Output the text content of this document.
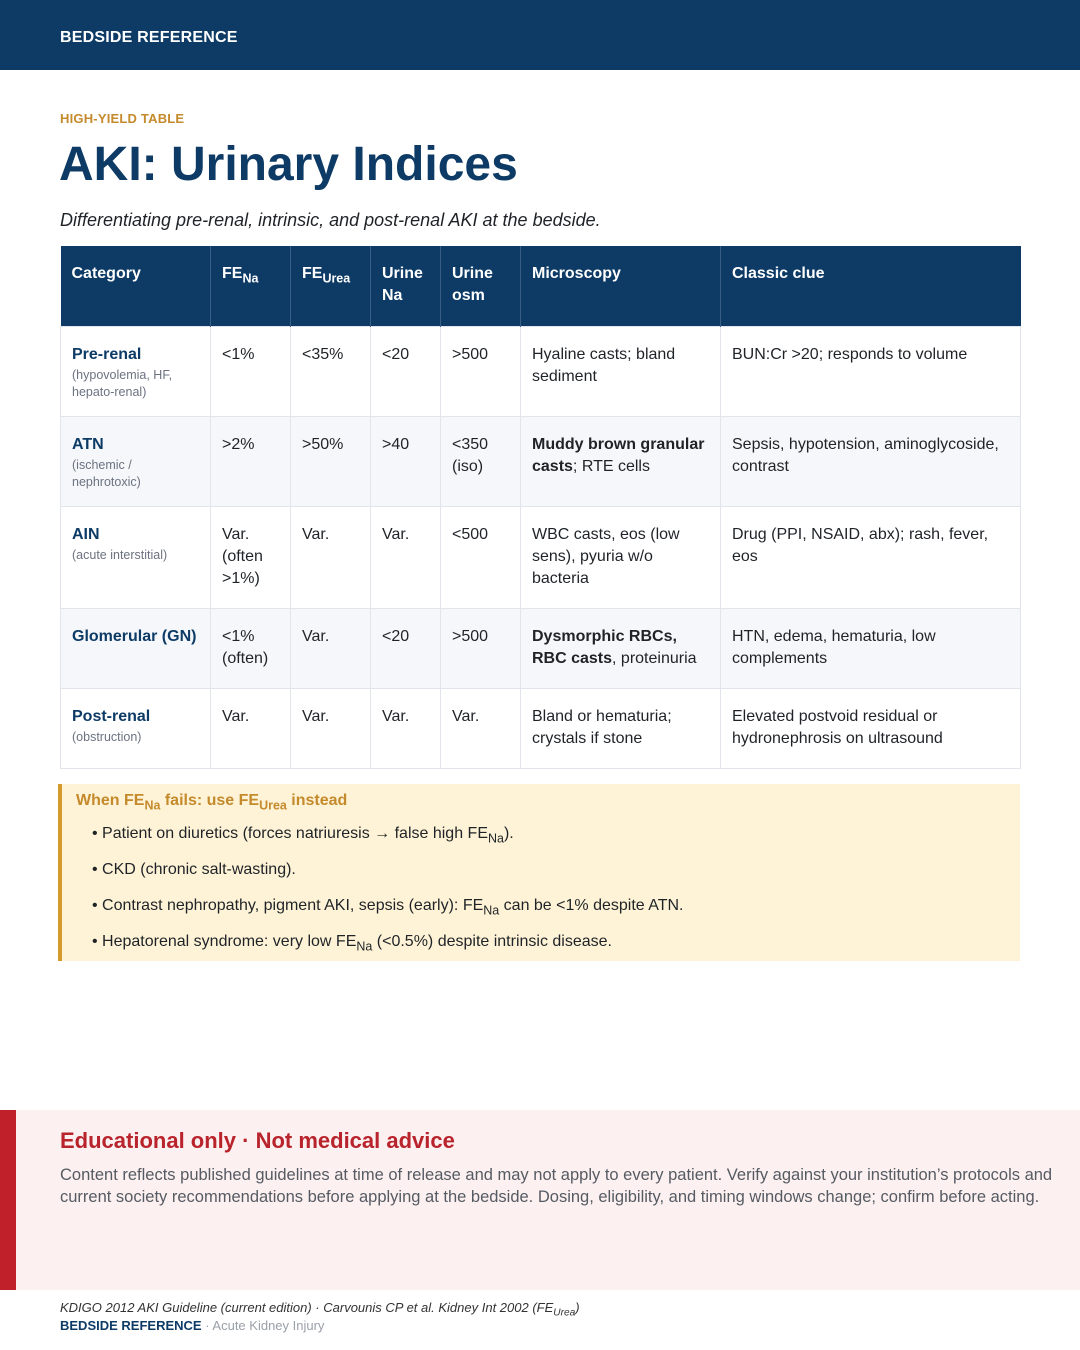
BEDSIDE REFERENCE
HIGH-YIELD TABLE
AKI: Urinary Indices
Differentiating pre-renal, intrinsic, and post-renal AKI at the bedside.
Category	$FE_{Na}$	$FE_{Urea}$	Urine Na	Urine osm	Microscopy	Classic clue

Pre-renal
(hypovolemia, HF, hepato-renal)	<1%	<35%	<20	>500	Hyaline casts; bland sediment	BUN:Cr >20; responds to volume

ATN
(ischemic / nephrotoxic)	>2%	>50%	>40	<350 (iso)	Muddy brown granular casts; RTE cells	Sepsis, hypotension, aminoglycoside, contrast

AIN
(acute interstitial)	Var. (often >1%)	Var.	Var.	<500	WBC casts, eos (low sens), pyuria w/o bacteria	Drug (PPI, NSAID, abx); rash, fever, eos

Glomerular (GN)	<1% (often)	Var.	<20	>500	Dysmorphic RBCs, RBC casts, proteinuria	HTN, edema, hematuria, low complements

Post-renal
(obstruction)	Var.	Var.	Var.	Var.	Bland or hematuria; crystals if stone	Elevated postvoid residual or hydronephrosis on ultrasound
When $FE_{Na}$ fails: use $FE_{Urea}$ instead
• Patient on diuretics (forces natriuresis → false high $FE_{Na}$).
• CKD (chronic salt-wasting).
• Contrast nephropathy, pigment AKI, sepsis (early): $FE_{Na}$ can be <1% despite ATN.
• Hepatorenal syndrome: very low $FE_{Na}$ (<0.5%) despite intrinsic disease.
Educational only · Not medical advice
Content reflects published guidelines at time of release and may not apply to every patient. Verify against your institution’s protocols and current society recommendations before applying at the bedside. Dosing, eligibility, and timing windows change; confirm before acting.
KDIGO 2012 AKI Guideline (current edition) · Carvounis CP et al. Kidney Int 2002 $(FE_{Urea})$
BEDSIDE REFERENCE · Acute Kidney Injury
